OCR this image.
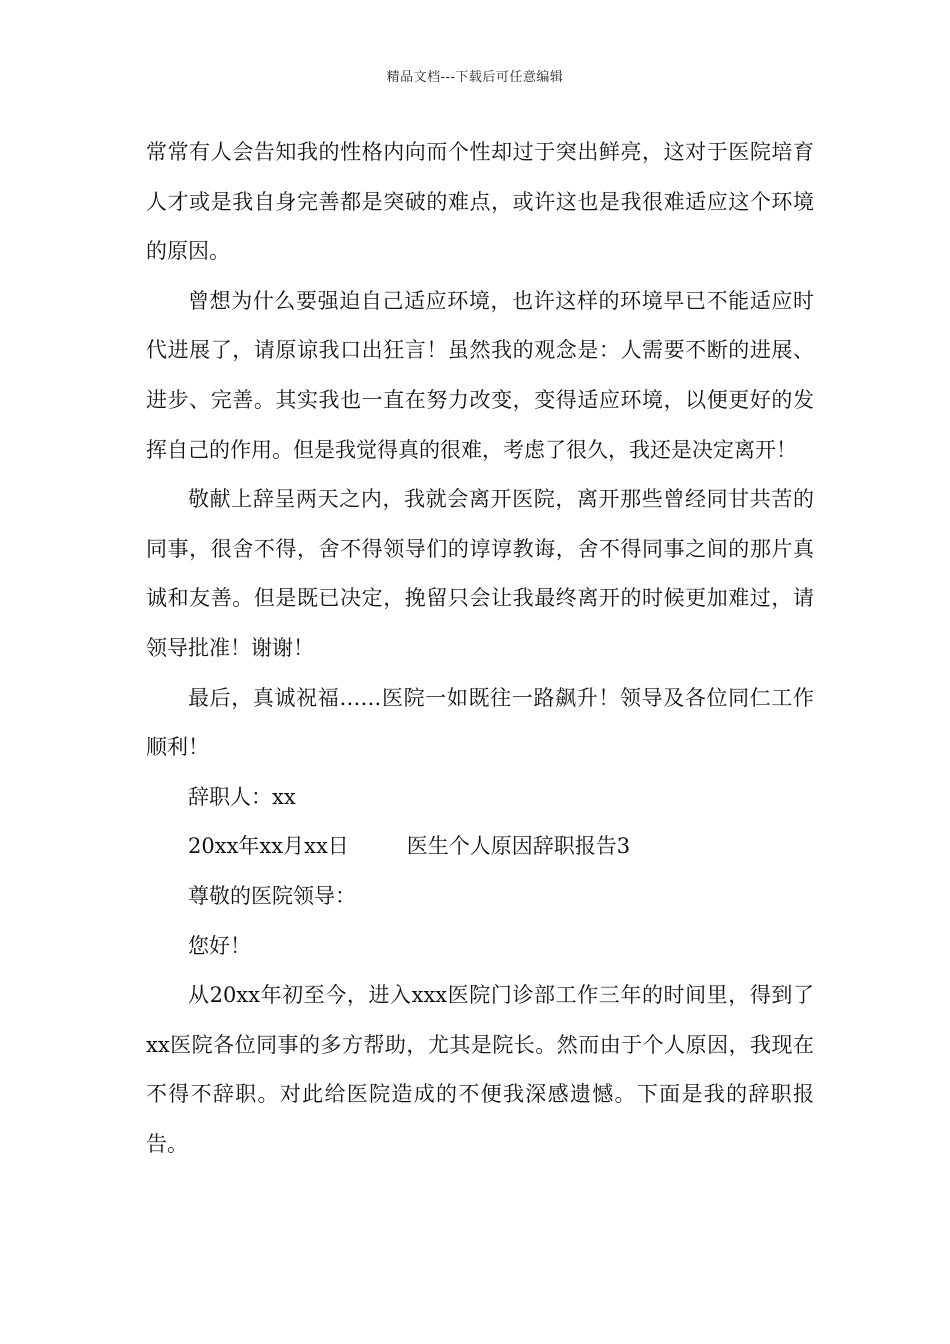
精品文档---下载后可任意编辑

常常有人会告知我的性格内向而个性却过于突出鲜亮，这对于医院培育人才或是我自身完善都是突破的难点，或许这也是我很难适应这个环境的原因。

曾想为什么要强迫自己适应环境，也许这样的环境早已不能适应时代进展了，请原谅我口出狂言！虽然我的观念是：人需要不断的进展、进步、完善。其实我也一直在努力改变，变得适应环境，以便更好的发挥自己的作用。但是我觉得真的很难，考虑了很久，我还是决定离开！

敬献上辞呈两天之内，我就会离开医院，离开那些曾经同甘共苦的同事，很舍不得，舍不得领导们的谆谆教诲，舍不得同事之间的那片真诚和友善。但是既已决定，挽留只会让我最终离开的时候更加难过，请领导批准！谢谢！

最后，真诚祝福……医院一如既往一路飙升！领导及各位同仁工作顺利！

辞职人：xx

20xx年xx月xx日	医生个人原因辞职报告3

尊敬的医院领导：

您好！

从20xx年初至今，进入xxx医院门诊部工作三年的时间里，得到了xx医院各位同事的多方帮助，尤其是院长。然而由于个人原因，我现在不得不辞职。对此给医院造成的不便我深感遗憾。下面是我的辞职报告。
